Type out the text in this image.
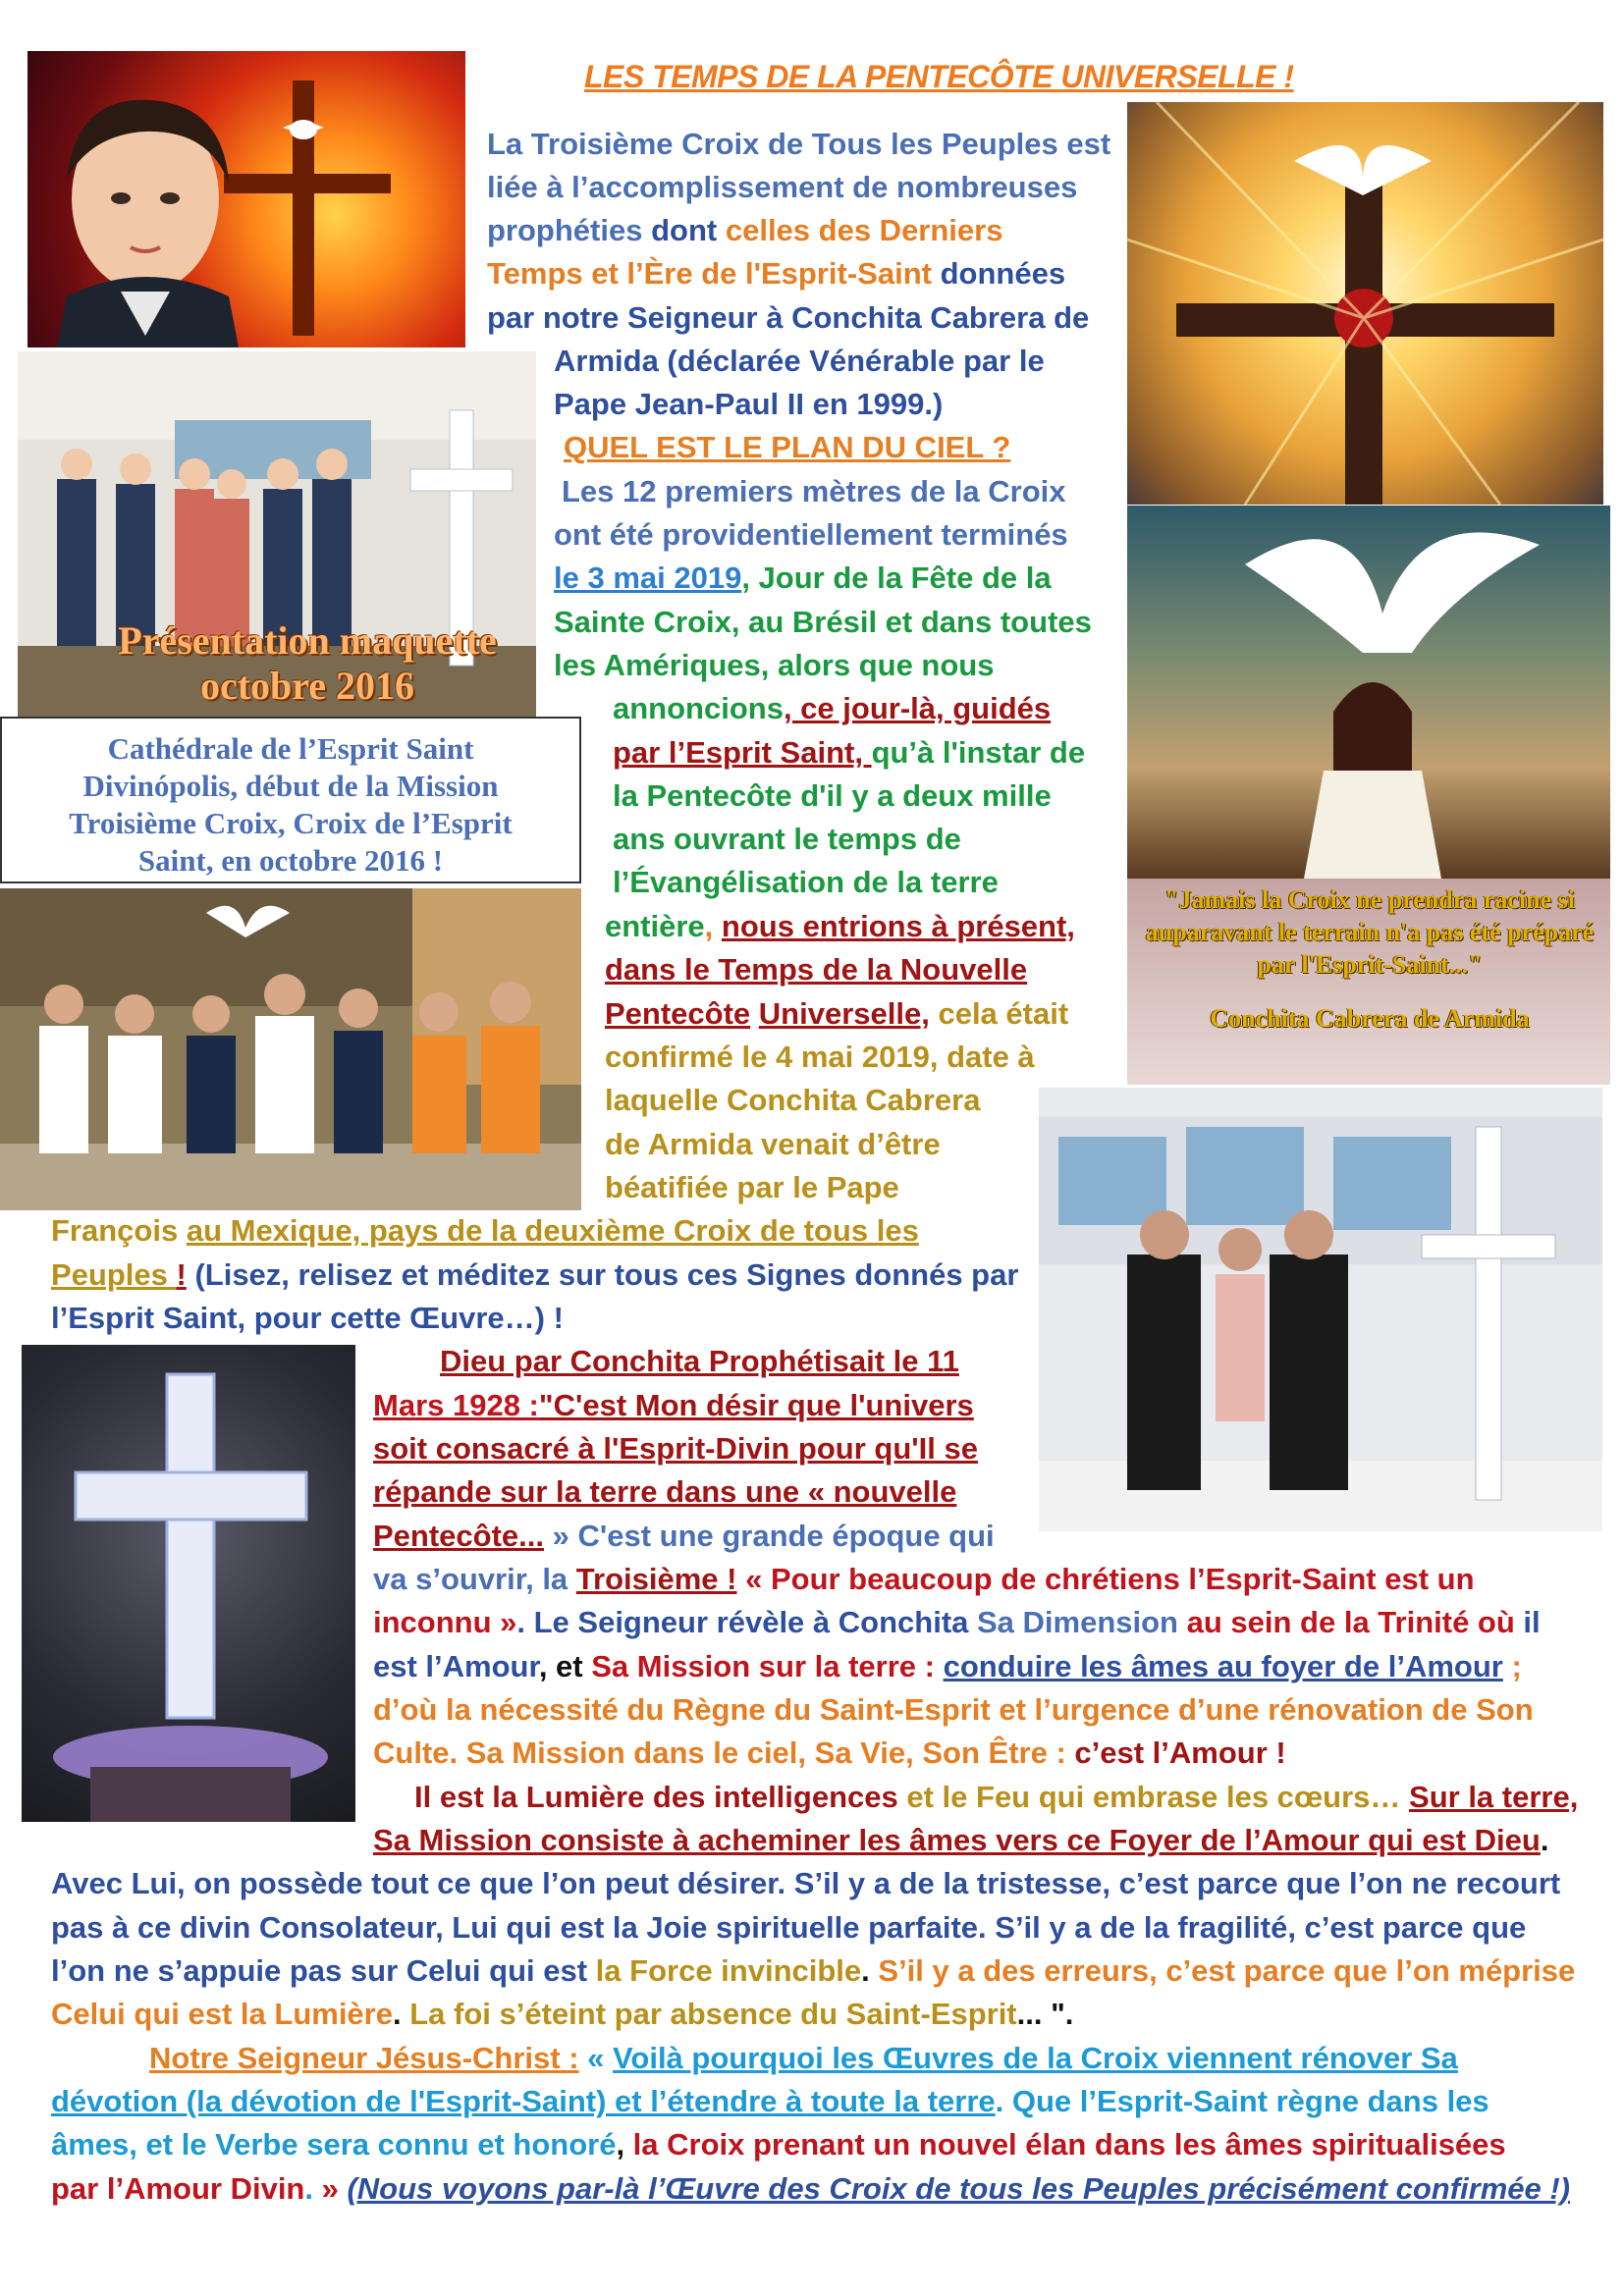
LES TEMPS DE LA PENTECÔTE UNIVERSELLE !
Présentation maquette
octobre 2016
Cathédrale de l’Esprit Saint
Divinópolis, début de la Mission
Troisième Croix, Croix de l’Esprit
Saint, en octobre 2016 !
"Jamais la Croix ne prendra racine si
auparavant le terrain n'a pas été préparé
par l'Esprit-Saint..."
Conchita Cabrera de Armida
La Troisième Croix de Tous les Peuples est
liée à l’accomplissement de nombreuses
prophéties dont celles des Derniers
Temps et l’Ère de l'Esprit-Saint données
par notre Seigneur à Conchita Cabrera de
Armida (déclarée Vénérable par le
Pape Jean-Paul II en 1999.)
QUEL EST LE PLAN DU CIEL ?
Les 12 premiers mètres de la Croix
ont été providentiellement terminés
le 3 mai 2019, Jour de la Fête de la
Sainte Croix, au Brésil et dans toutes
les Amériques, alors que nous
annoncions, ce jour-là, guidés
par l’Esprit Saint, qu’à l'instar de
la Pentecôte d'il y a deux mille
ans ouvrant le temps de
l’Évangélisation de la terre
entière, nous entrions à présent,
dans le Temps de la Nouvelle
Pentecôte Universelle, cela était
confirmé le 4 mai 2019, date à
laquelle Conchita Cabrera
de Armida venait d’être
béatifiée par le Pape
François au Mexique, pays de la deuxième Croix de tous les
Peuples ! (Lisez, relisez et méditez sur tous ces Signes donnés par
l’Esprit Saint, pour cette Œuvre…) !
Dieu par Conchita Prophétisait le 11
Mars 1928 :"C'est Mon désir que l'univers
soit consacré à l'Esprit-Divin pour qu'Il se
répande sur la terre dans une « nouvelle
Pentecôte... » C'est une grande époque qui
va s’ouvrir, la Troisième ! « Pour beaucoup de chrétiens l’Esprit-Saint est un
inconnu ». Le Seigneur révèle à Conchita Sa Dimension au sein de la Trinité où il
est l’Amour, et Sa Mission sur la terre : conduire les âmes au foyer de l’Amour ;
d’où la nécessité du Règne du Saint-Esprit et l’urgence d’une rénovation de Son
Culte. Sa Mission dans le ciel, Sa Vie, Son Être : c’est l’Amour !
Il est la Lumière des intelligences et le Feu qui embrase les cœurs… Sur la terre,
Sa Mission consiste à acheminer les âmes vers ce Foyer de l’Amour qui est Dieu.
Avec Lui, on possède tout ce que l’on peut désirer. S’il y a de la tristesse, c’est parce que l’on ne recourt
pas à ce divin Consolateur, Lui qui est la Joie spirituelle parfaite. S’il y a de la fragilité, c’est parce que
l’on ne s’appuie pas sur Celui qui est la Force invincible. S’il y a des erreurs, c’est parce que l’on méprise
Celui qui est la Lumière. La foi s’éteint par absence du Saint-Esprit... ".
Notre Seigneur Jésus-Christ : « Voilà pourquoi les Œuvres de la Croix viennent rénover Sa
dévotion (la dévotion de l'Esprit-Saint) et l’étendre à toute la terre. Que l’Esprit-Saint règne dans les
âmes, et le Verbe sera connu et honoré, la Croix prenant un nouvel élan dans les âmes spiritualisées
par l’Amour Divin. » (Nous voyons par-là l’Œuvre des Croix de tous les Peuples précisément confirmée !)
